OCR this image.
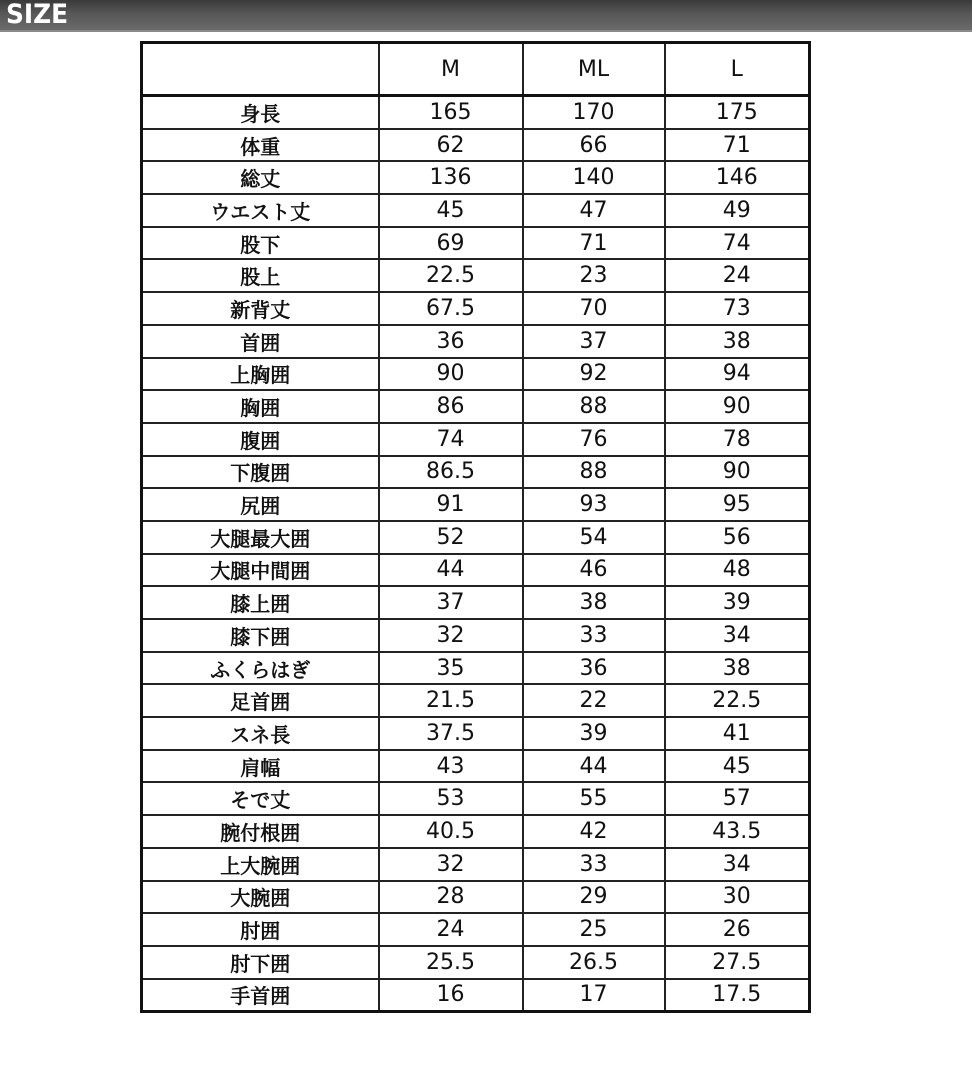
SIZE
	M	ML	L
身長	165	170	175
体重	62	66	71
総丈	136	140	146
ウエスト丈	45	47	49
股下	69	71	74
股上	22.5	23	24
新背丈	67.5	70	73
首囲	36	37	38
上胸囲	90	92	94
胸囲	86	88	90
腹囲	74	76	78
下腹囲	86.5	88	90
尻囲	91	93	95
大腿最大囲	52	54	56
大腿中間囲	44	46	48
膝上囲	37	38	39
膝下囲	32	33	34
ふくらはぎ	35	36	38
足首囲	21.5	22	22.5
スネ長	37.5	39	41
肩幅	43	44	45
そで丈	53	55	57
腕付根囲	40.5	42	43.5
上大腕囲	32	33	34
大腕囲	28	29	30
肘囲	24	25	26
肘下囲	25.5	26.5	27.5
手首囲	16	17	17.5
